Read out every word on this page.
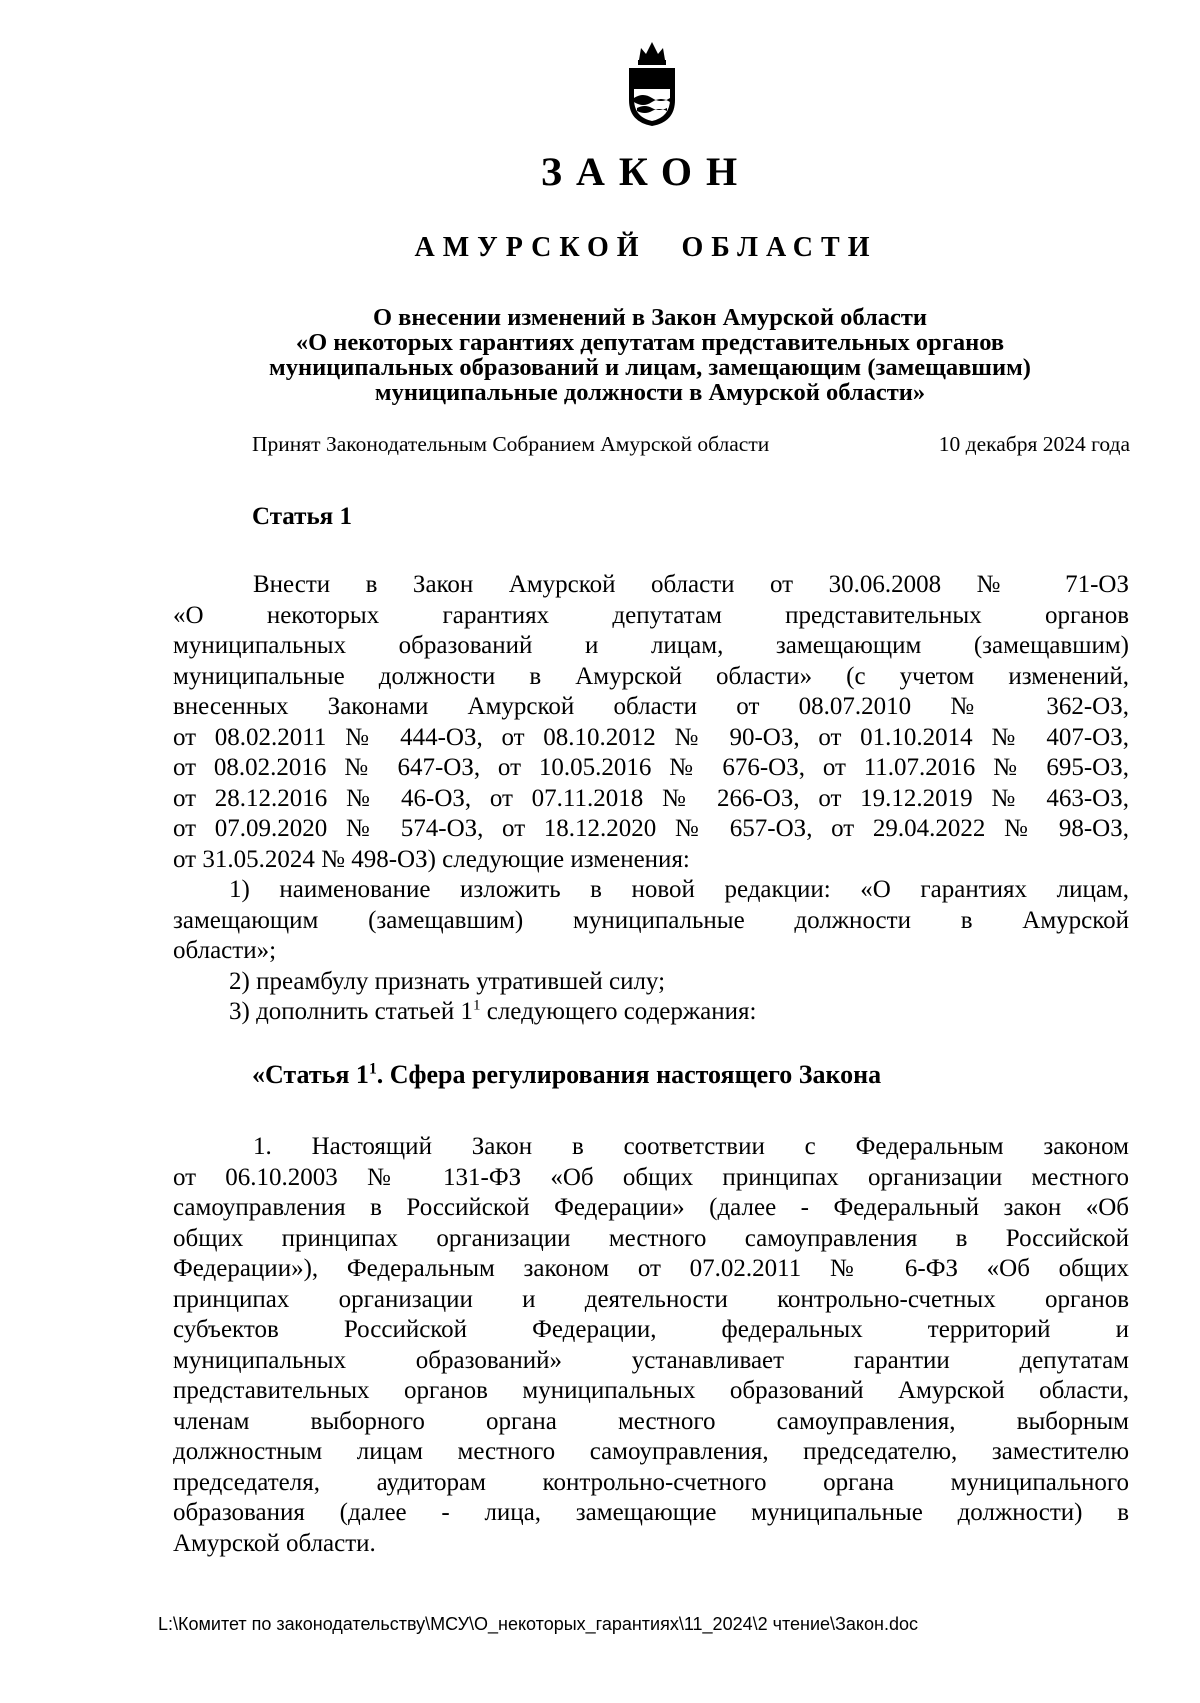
ЗАКОН
АМУРСКОЙ ОБЛАСТИ
О внесении изменений в Закон Амурской области
«О некоторых гарантиях депутатам представительных органов
муниципальных образований и лицам, замещающим (замещавшим)
муниципальные должности в Амурской области»
Принят Законодательным Собранием Амурской области	10 декабря 2024 года
Статья 1
Внести в Закон Амурской области от 30.06.2008 № 71-ОЗ
«О некоторых гарантиях депутатам представительных органов
муниципальных образований и лицам, замещающим (замещавшим)
муниципальные должности в Амурской области» (с учетом изменений,
внесенных Законами Амурской области от 08.07.2010 № 362-ОЗ,
от 08.02.2011 № 444-ОЗ, от 08.10.2012 № 90-ОЗ, от 01.10.2014 № 407-ОЗ,
от 08.02.2016 № 647-ОЗ, от 10.05.2016 № 676-ОЗ, от 11.07.2016 № 695-ОЗ,
от 28.12.2016 № 46-ОЗ, от 07.11.2018 № 266-ОЗ, от 19.12.2019 № 463-ОЗ,
от 07.09.2020 № 574-ОЗ, от 18.12.2020 № 657-ОЗ, от 29.04.2022 № 98-ОЗ,
от 31.05.2024 № 498-ОЗ) следующие изменения:
1) наименование изложить в новой редакции: «О гарантиях лицам,
замещающим (замещавшим) муниципальные должности в Амурской
области»;
2) преамбулу признать утратившей силу;
3) дополнить статьей $1^1$ следующего содержания:
«Статья $1^1$. Сфера регулирования настоящего Закона
1. Настоящий Закон в соответствии с Федеральным законом
от 06.10.2003 № 131-ФЗ «Об общих принципах организации местного
самоуправления в Российской Федерации» (далее - Федеральный закон «Об
общих принципах организации местного самоуправления в Российской
Федерации»), Федеральным законом от 07.02.2011 № 6-ФЗ «Об общих
принципах организации и деятельности контрольно-счетных органов
субъектов Российской Федерации, федеральных территорий и
муниципальных образований» устанавливает гарантии депутатам
представительных органов муниципальных образований Амурской области,
членам выборного органа местного самоуправления, выборным
должностным лицам местного самоуправления, председателю, заместителю
председателя, аудиторам контрольно-счетного органа муниципального
образования (далее - лица, замещающие муниципальные должности) в
Амурской области.
L:\Комитет по законодательству\МСУ\О_некоторых_гарантиях\11_2024\2 чтение\Закон.doc
